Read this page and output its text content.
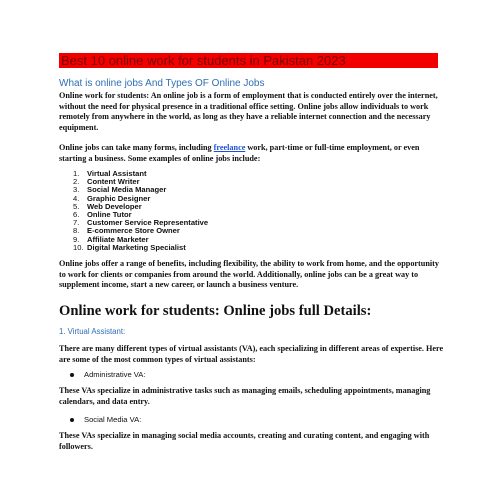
Best 10 online work for students in Pakistan 2023
What is online jobs And Types OF Online Jobs

Online work for students: An online job is a form of employment that is conducted entirely over the internet, without the need for physical presence in a traditional office setting. Online jobs allow individuals to work remotely from anywhere in the world, as long as they have a reliable internet connection and the necessary equipment.

Online jobs can take many forms, including freelance work, part-time or full-time employment, or even starting a business. Some examples of online jobs include:

1.	Virtual Assistant
2.	Content Writer
3.	Social Media Manager
4.	Graphic Designer
5.	Web Developer
6.	Online Tutor
7.	Customer Service Representative
8.	E-commerce Store Owner
9.	Affiliate Marketer
10. Digital Marketing Specialist

Online jobs offer a range of benefits, including flexibility, the ability to work from home, and the opportunity to work for clients or companies from around the world. Additionally, online jobs can be a great way to supplement income, start a new career, or launch a business venture.

Online work for students: Online jobs full Details:
1. Virtual Assistant:

There are many different types of virtual assistants (VA), each specializing in different areas of expertise. Here are some of the most common types of virtual assistants:

Administrative VA:

These VAs specialize in administrative tasks such as managing emails, scheduling appointments, managing calendars, and data entry.

Social Media VA:

These VAs specialize in managing social media accounts, creating and curating content, and engaging with followers.
